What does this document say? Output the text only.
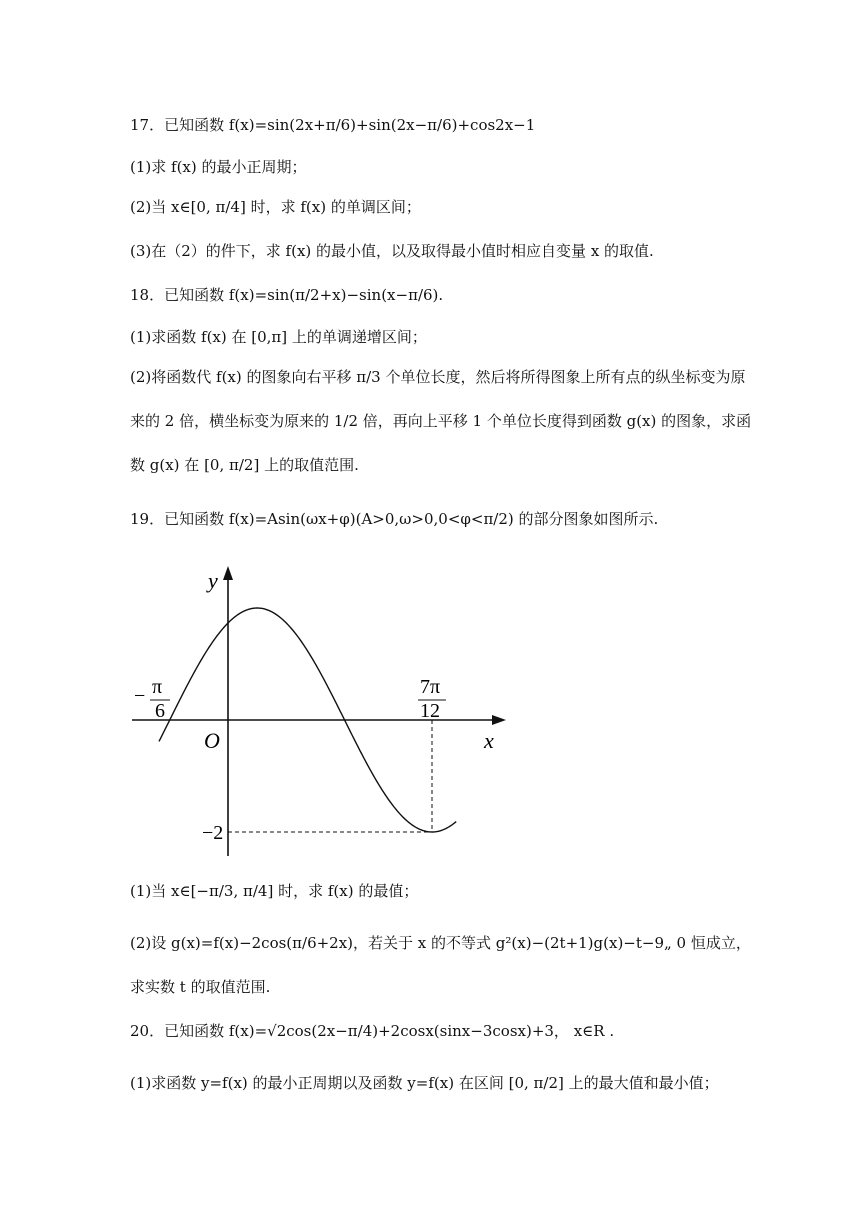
17．已知函数 f(x)=sin(2x+π/6)+sin(2x−π/6)+cos2x−1
(1)求 f(x) 的最小正周期；
(2)当 x∈[0, π/4] 时，求 f(x) 的单调区间；
(3)在（2）的件下，求 f(x) 的最小值，以及取得最小值时相应自变量 x 的取值.
18．已知函数 f(x)=sin(π/2+x)−sin(x−π/6).
(1)求函数 f(x) 在 [0,π] 上的单调递增区间；
(2)将函数代 f(x) 的图象向右平移 π/3 个单位长度，然后将所得图象上所有点的纵坐标变为原
来的 2 倍，横坐标变为原来的 1/2 倍，再向上平移 1 个单位长度得到函数 g(x) 的图象，求函
数 g(x) 在 [0, π/2] 上的取值范围.
19．已知函数 f(x)=Asin(ωx+φ)(A>0,ω>0,0<φ<π/2) 的部分图象如图所示.
y
x
O
− π
6
7π
12
−2
(1)当 x∈[−π/3, π/4] 时，求 f(x) 的最值；
(2)设 g(x)=f(x)−2cos(π/6+2x)，若关于 x 的不等式 g²(x)−(2t+1)g(x)−t−9„ 0 恒成立，
求实数 t 的取值范围.
20．已知函数 f(x)=√2cos(2x−π/4)+2cosx(sinx−3cosx)+3， x∈R .
(1)求函数 y=f(x) 的最小正周期以及函数 y=f(x) 在区间 [0, π/2] 上的最大值和最小值；
